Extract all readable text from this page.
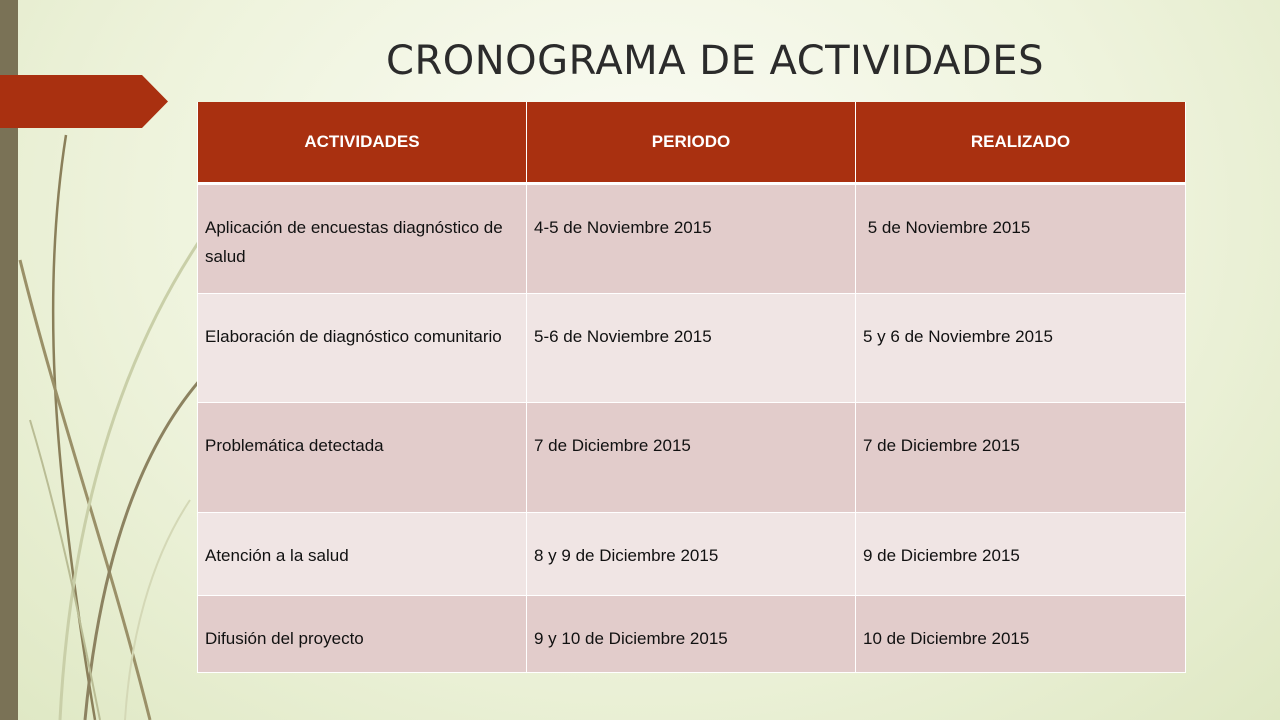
CRONOGRAMA DE ACTIVIDADES
ACTIVIDADES	PERIODO	REALIZADO
Aplicación de encuestas diagnóstico de salud	4-5 de Noviembre 2015	5 de Noviembre 2015
Elaboración de diagnóstico comunitario	5-6 de Noviembre 2015	5 y 6 de Noviembre 2015
Problemática detectada	7 de Diciembre 2015	7 de Diciembre 2015
Atención a la salud	8 y 9 de Diciembre 2015	9 de Diciembre 2015
Difusión del proyecto	9 y 10 de Diciembre 2015	10 de Diciembre 2015
